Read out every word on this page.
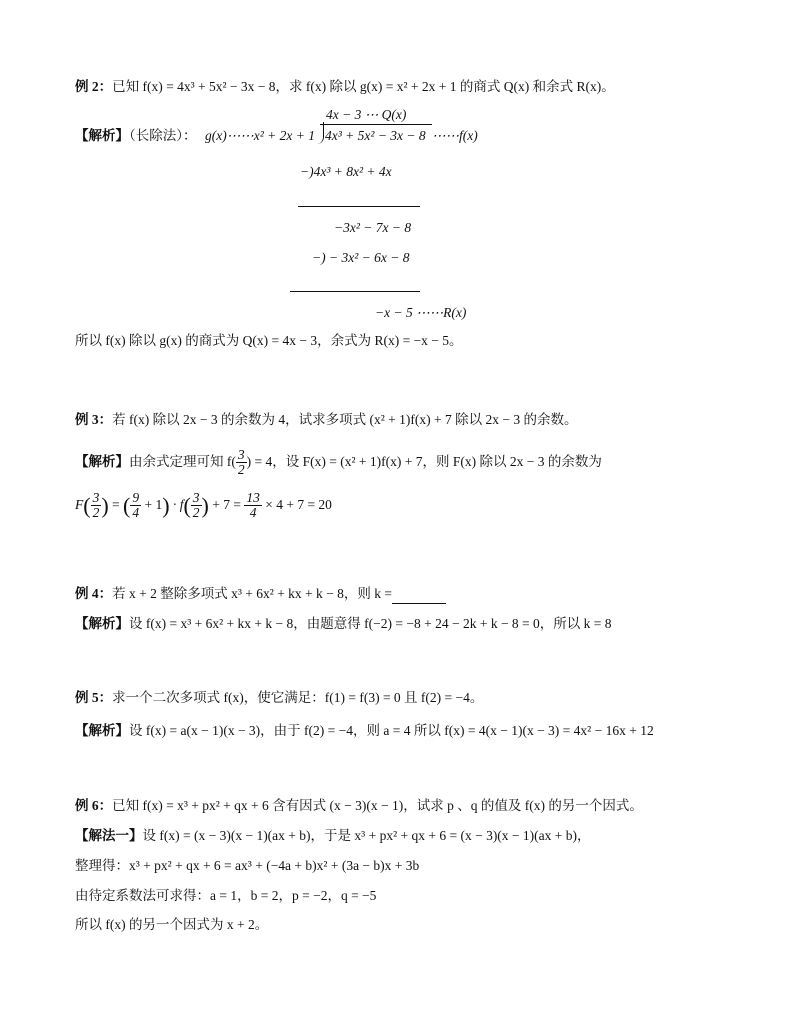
例 2：已知 f(x) = 4x³ + 5x² − 3x − 8，求 f(x) 除以 g(x) = x² + 2x + 1 的商式 Q(x) 和余式 R(x)。
4x − 3 ⋯ Q(x)
【解析】（长除法）： g(x)⋯⋯x² + 2x + 1 4x³ + 5x² − 3x − 8 ⋯⋯f(x)
−)4x³ + 8x² + 4x
−3x² − 7x − 8
−) − 3x² − 6x − 8
−x − 5 ⋯⋯R(x)
所以 f(x) 除以 g(x) 的商式为 Q(x) = 4x − 3，余式为 R(x) = −x − 5。
例 3：若 f(x) 除以 2x − 3 的余数为 4，试求多项式 (x² + 1)f(x) + 7 除以 2x − 3 的余数。
【解析】由余式定理可知 $f( \frac{3}{2}$ ) = 4，设 F(x) = (x² + 1)f(x) + 7，则 F(x) 除以 2x − 3 的余数为
$F( \frac{3}{2}$ ) = ( $\frac{9}{4} + 1) \cdot f( \frac{3}{2}$ ) + $7 = \frac{13}{4} \times 4 + 7 = 20$
例 4：若 x + 2 整除多项式 x³ + 6x² + kx + k − 8，则 k =
【解析】设 f(x) = x³ + 6x² + kx + k − 8，由题意得 f(−2) = −8 + 24 − 2k + k − 8 = 0，所以 k = 8
例 5：求一个二次多项式 f(x)，使它满足：f(1) = f(3) = 0 且 f(2) = −4。
【解析】设 f(x) = a(x − 1)(x − 3)，由于 f(2) = −4，则 a = 4 所以 f(x) = 4(x − 1)(x − 3) = 4x² − 16x + 12
例 6：已知 f(x) = x³ + px² + qx + 6 含有因式 (x − 3)(x − 1)，试求 p 、q 的值及 f(x) 的另一个因式。
【解法一】设 f(x) = (x − 3)(x − 1)(ax + b)，于是 x³ + px² + qx + 6 = (x − 3)(x − 1)(ax + b)，
整理得：x³ + px² + qx + 6 = ax³ + (−4a + b)x² + (3a − b)x + 3b
由待定系数法可求得：a = 1，b = 2，p = −2，q = −5
所以 f(x) 的另一个因式为 x + 2。
